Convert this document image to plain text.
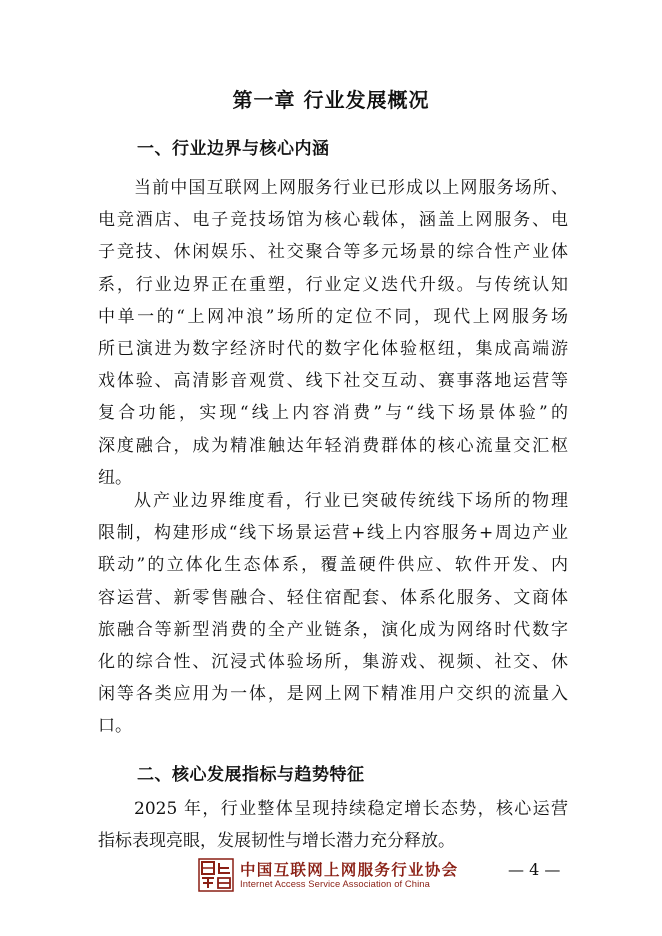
第一章 行业发展概况
一、行业边界与核心内涵
当前中国互联网上网服务行业已形成以上网服务场所、
电竞酒店、电子竞技场馆为核心载体，涵盖上网服务、电
子竞技、休闲娱乐、社交聚合等多元场景的综合性产业体
系，行业边界正在重塑，行业定义迭代升级。与传统认知
中单一的“上网冲浪”场所的定位不同，现代上网服务场
所已演进为数字经济时代的数字化体验枢纽，集成高端游
戏体验、高清影音观赏、线下社交互动、赛事落地运营等
复合功能，实现“线上内容消费”与“线下场景体验”的
深度融合，成为精准触达年轻消费群体的核心流量交汇枢
纽。
从产业边界维度看，行业已突破传统线下场所的物理
限制，构建形成“线下场景运营+线上内容服务+周边产业
联动”的立体化生态体系，覆盖硬件供应、软件开发、内
容运营、新零售融合、轻住宿配套、体系化服务、文商体
旅融合等新型消费的全产业链条，演化成为网络时代数字
化的综合性、沉浸式体验场所，集游戏、视频、社交、休
闲等各类应用为一体，是网上网下精准用户交织的流量入
口。
二、核心发展指标与趋势特征
2025 年，行业整体呈现持续稳定增长态势，核心运营
指标表现亮眼，发展韧性与增长潜力充分释放。
中国互联网上网服务行业协会
Internet Access Service Association of China
— 4 —
